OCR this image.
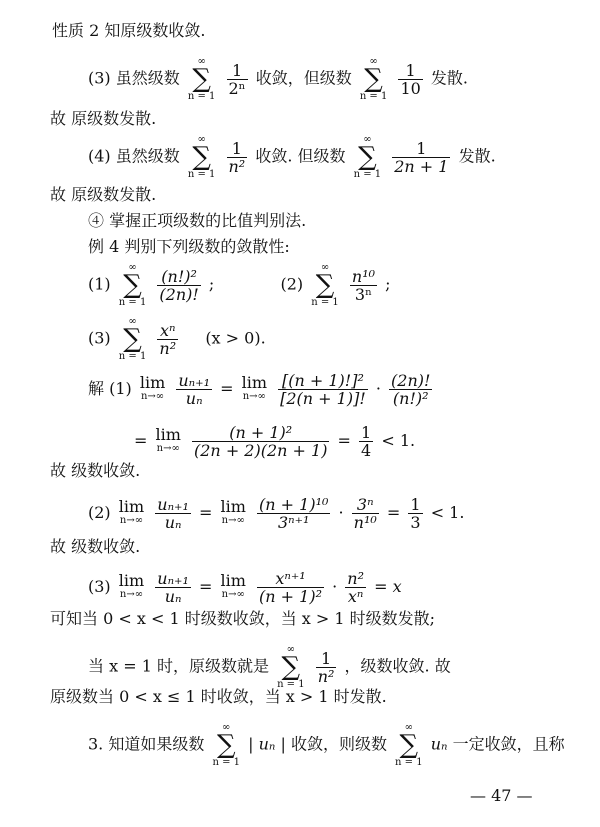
性质 2 知原级数收敛.
(3) 虽然级数
∞
∑
n = 1
$\frac{1}{\text{2ⁿ}}$ 收敛，但级数
∞
∑
n = 1
$\frac{1}{10}$ 发散.
故 原级数发散.
(4) 虽然级数
∞
∑
n = 1
$\frac{1}{\text{n²}}$ 收敛. 但级数
∞
∑
n = 1
$\frac{1}{2n + 1}$ 发散.
故 原级数发散.
④ 掌握正项级数的比值判别法.
例 4 判别下列级数的敛散性:
(1)
∞
∑
n = 1
$\frac{\text{(n!)²}}{(2n)!}$ ;	(2)
∞
∑
n = 1
$\frac{\text{n¹⁰}}{\text{3ⁿ}}$ ;
(3)
∞
∑
n = 1
$\frac{\text{xⁿ}}{\text{n²}} (x > 0)$.
解 (1) lim
n→∞
$\frac{\text{uₙ₊₁}}{\text{uₙ}} = \lim$
n→∞
$\frac{\text{[(n + 1)!]²}}{[2(n + 1)]!} \cdot \frac{(2n)!}{\text{(n!)²}}$
= lim
n→∞
$\frac{\text{(n + 1)²}}{(2n + 2)(2n + 1)} = \frac{1}{4} < 1$.
故 级数收敛.
(2) lim
n→∞
$\frac{\text{uₙ₊₁}}{\text{uₙ}} = \lim$
n→∞
$\frac{\text{(n + 1)¹⁰}}{\text{3ⁿ⁺¹}} \cdot \frac{\text{3ⁿ}}{\text{n¹⁰}} = \frac{1}{3} < 1$.
故 级数收敛.
(3) lim
n→∞
$\frac{\text{uₙ₊₁}}{\text{uₙ}} = \lim$
n→∞
$\frac{\text{xⁿ⁺¹}}{\text{(n + 1)²}} \cdot \frac{\text{n²}}{\text{xⁿ}} = x$
可知当 0 < x < 1 时级数收敛，当 x > 1 时级数发散;
当 x = 1 时，原级数就是
∞
∑
n = 1
$\frac{1}{\text{n²}}$ ，级数收敛. 故
原级数当 0 < x ≤ 1 时收敛，当 x > 1 时发散.
3. 知道如果级数
∞
∑
n = 1
| uₙ | 收敛，则级数
∞
∑
n = 1
uₙ 一定收敛，且称
— 47 —
